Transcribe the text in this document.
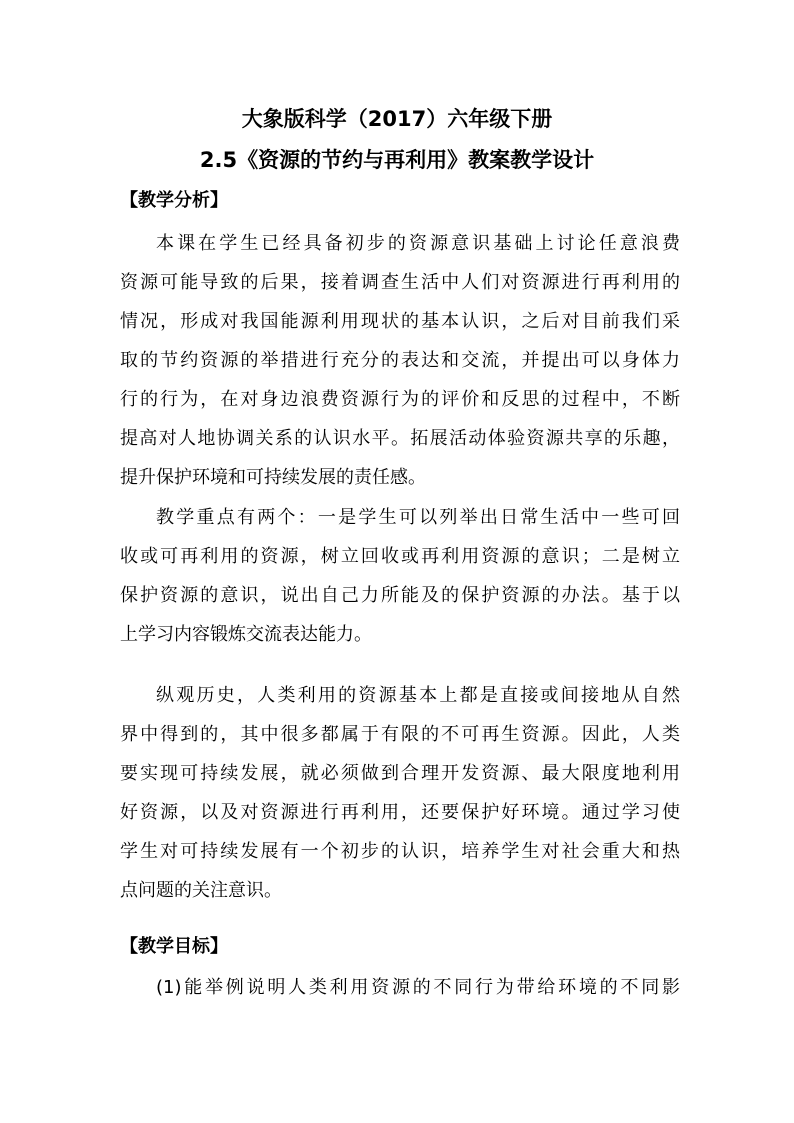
大象版科学（2017）六年级下册
2.5《资源的节约与再利用》教案教学设计
【教学分析】
本课在学生已经具备初步的资源意识基础上讨论任意浪费
资源可能导致的后果，接着调查生活中人们对资源进行再利用的
情况，形成对我国能源利用现状的基本认识，之后对目前我们采
取的节约资源的举措进行充分的表达和交流，并提出可以身体力
行的行为，在对身边浪费资源行为的评价和反思的过程中，不断
提高对人地协调关系的认识水平。拓展活动体验资源共享的乐趣，
提升保护环境和可持续发展的责任感。
教学重点有两个：一是学生可以列举出日常生活中一些可回
收或可再利用的资源，树立回收或再利用资源的意识；二是树立
保护资源的意识，说出自己力所能及的保护资源的办法。基于以
上学习内容锻炼交流表达能力。
纵观历史，人类利用的资源基本上都是直接或间接地从自然
界中得到的，其中很多都属于有限的不可再生资源。因此，人类
要实现可持续发展，就必须做到合理开发资源、最大限度地利用
好资源，以及对资源进行再利用，还要保护好环境。通过学习使
学生对可持续发展有一个初步的认识，培养学生对社会重大和热
点问题的关注意识。
【教学目标】
(1)能举例说明人类利用资源的不同行为带给环境的不同影
